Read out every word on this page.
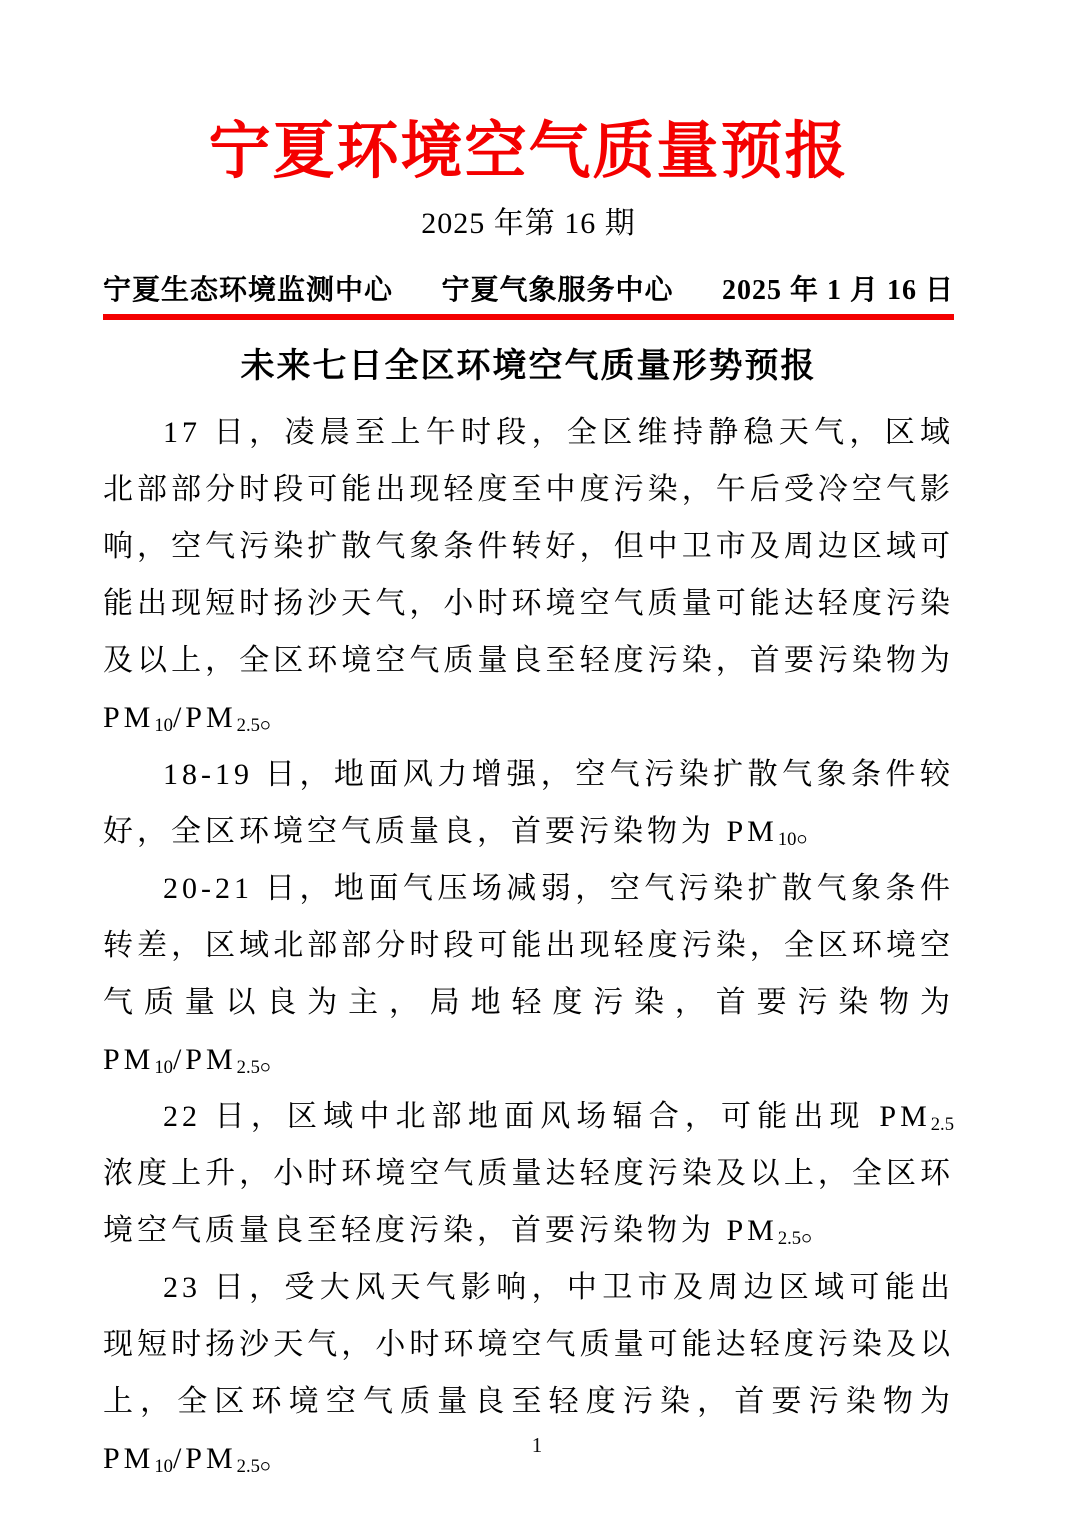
宁夏环境空气质量预报
2025 年第 16 期
宁夏生态环境监测中心 宁夏气象服务中心 2025 年 1 月 16 日
未来七日全区环境空气质量形势预报

17 日，凌晨至上午时段，全区维持静稳天气，区域北部部分时段可能出现轻度至中度污染，午后受冷空气影响，空气污染扩散气象条件转好，但中卫市及周边区域可能出现短时扬沙天气，小时环境空气质量可能达轻度污染及以上，全区环境空气质量良至轻度污染，首要污染物为 $PM_{10}/PM_{2.5}$。

18-19 日，地面风力增强，空气污染扩散气象条件较好，全区环境空气质量良，首要污染物为 $PM_{10}$。

20-21 日，地面气压场减弱，空气污染扩散气象条件转差，区域北部部分时段可能出现轻度污染，全区环境空气质量以良为主，局地轻度污染，首要污染物为 $PM_{10}/PM_{2.5}$。

22 日，区域中北部地面风场辐合，可能出现 $PM_{2.5}$ 浓度上升，小时环境空气质量达轻度污染及以上，全区环境空气质量良至轻度污染，首要污染物为 $PM_{2.5}$。

23 日，受大风天气影响，中卫市及周边区域可能出现短时扬沙天气，小时环境空气质量可能达轻度污染及以上，全区环境空气质量良至轻度污染，首要污染物为 $PM_{10}/PM_{2.5}$。	1
